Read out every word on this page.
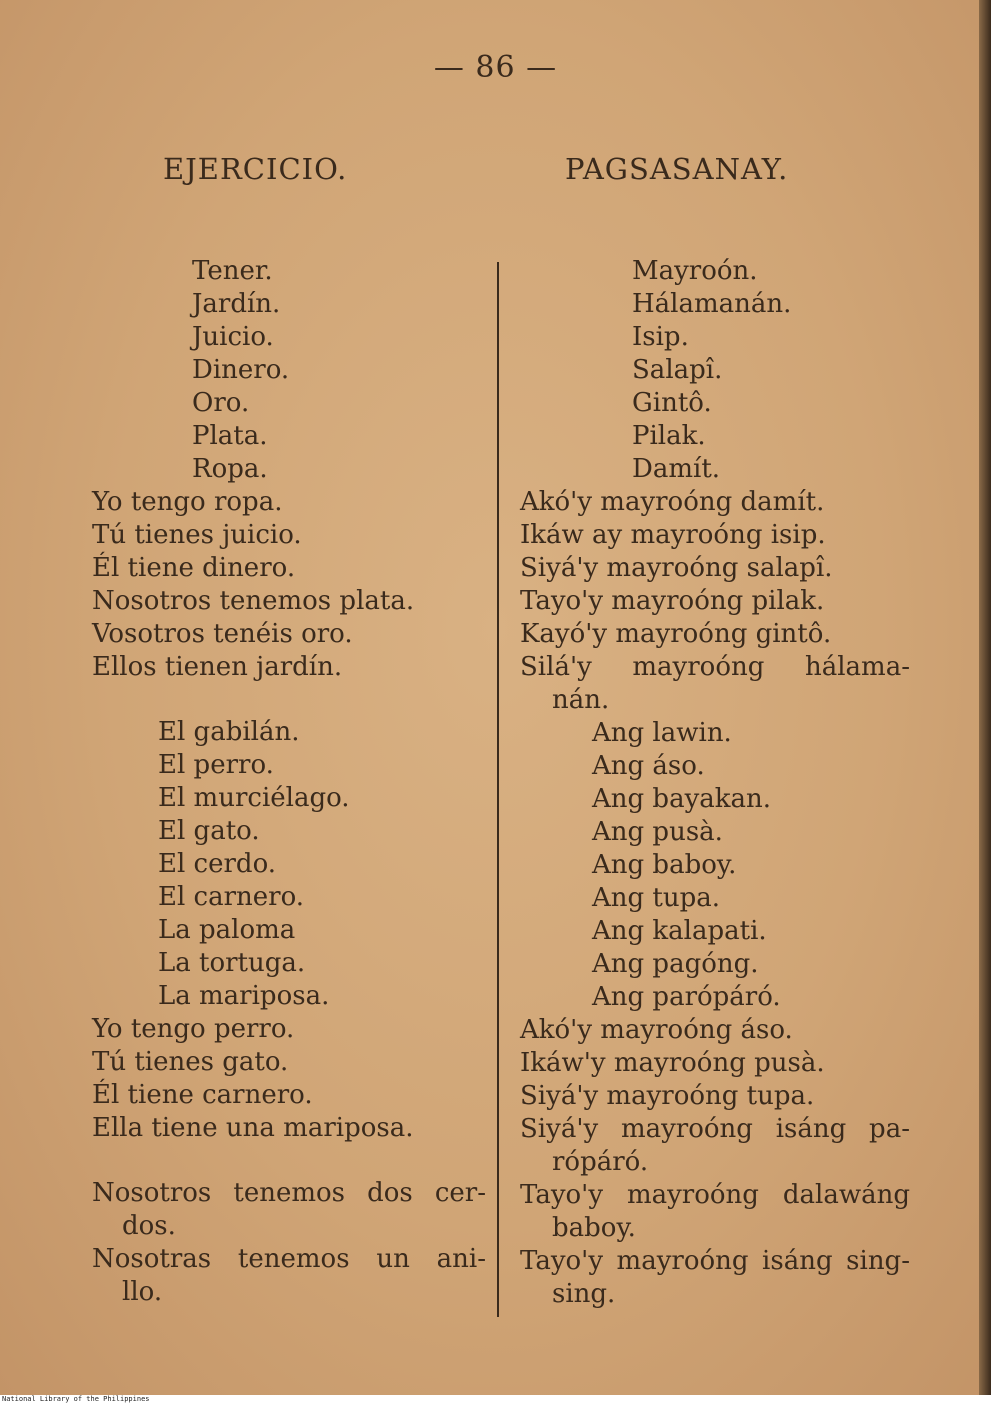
National Library of the Philippines
— 86 —
EJERCICIO.	PAGSASANAY.
Tener.
Jardín.
Juicio.
Dinero.
Oro.
Plata.
Ropa.
Yo tengo ropa.
Tú tienes juicio.
Él tiene dinero.
Nosotros tenemos plata.
Vosotros tenéis oro.
Ellos tienen jardín.
El gabilán.
El perro.
El murciélago.
El gato.
El cerdo.
El carnero.
La paloma
La tortuga.
La mariposa.
Yo tengo perro.
Tú tienes gato.
Él tiene carnero.
Ella tiene una mariposa.
Nosotros tenemos dos cer-
dos.
Nosotras tenemos un ani-
llo.
Mayroón.
Hálamanán.
Isip.
Salapî.
Gintô.
Pilak.
Damít.
Akó'y mayroóng damít.
Ikáw ay mayroóng isip.
Siyá'y mayroóng salapî.
Tayo'y mayroóng pilak.
Kayó'y mayroóng gintô.
Silá'y mayroóng hálama-
nán.
Ang lawin.
Ang áso.
Ang bayakan.
Ang pusà.
Ang baboy.
Ang tupa.
Ang kalapati.
Ang pagóng.
Ang parópáró.
Akó'y mayroóng áso.
Ikáw'y mayroóng pusà.
Siyá'y mayroóng tupa.
Siyá'y mayroóng isáng pa-
rópáró.
Tayo'y mayroóng dalawáng
baboy.
Tayo'y mayroóng isáng sing-
sing.
